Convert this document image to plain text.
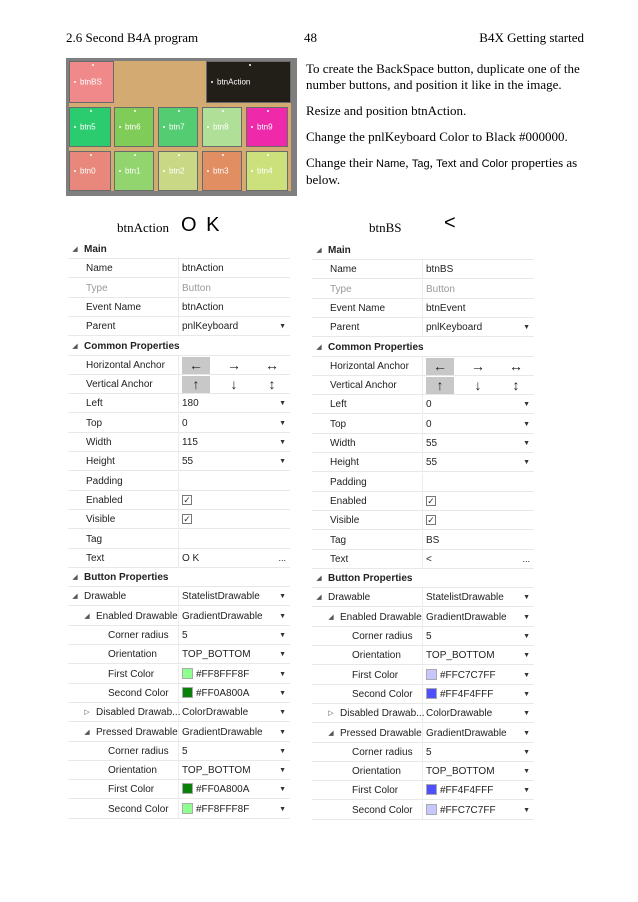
2.6 Second B4A program	48	B4X Getting started
btnBS	btnAction
btn5	btn6	btn7	btn8	btn9
btn0	btn1	btn2	btn3	btn4

To create the BackSpace button, duplicate one of the number buttons, and position it like in the image.

Resize and position btnAction.

Change the pnlKeyboard Color to Black #000000.

Change their Name, Tag, Text and Color properties as below.

btnAction O K	btnBS <
◢ Main
Name	btnAction
Type	Button
Event Name	btnAction
Parent	pnlKeyboard	▼
◢ Common Properties
Horizontal Anchor	←	→	↔
Vertical Anchor	↑	↓	↕
Left	180	▼
Top	0	▼
Width	115	▼
Height	55	▼
Padding
Enabled	✓
Visible	✓
Tag
Text	O K	...
◢ Button Properties
◢ Drawable	StatelistDrawable	▼
◢ Enabled Drawable GradientDrawable ▼
Corner radius 5	▼
Orientation	TOP_BOTTOM	▼
First Color	#FF8FFF8F	▼
Second Color	#FF0A800A	▼
▷ Disabled Drawab... ColorDrawable	▼
◢ Pressed Drawable GradientDrawable ▼
Corner radius 5	▼
Orientation	TOP_BOTTOM	▼
First Color	#FF0A800A	▼
Second Color	#FF8FFF8F	▼
◢ Main
Name	btnBS
Type	Button
Event Name	btnEvent
Parent	pnlKeyboard	▼
◢ Common Properties
Horizontal Anchor	←	→	↔
Vertical Anchor	↑	↓	↕
Left	0	▼
Top	0	▼
Width	55	▼
Height	55	▼
Padding
Enabled	✓
Visible	✓
Tag	BS
Text	<	...
◢ Button Properties
◢ Drawable	StatelistDrawable	▼
◢ Enabled Drawable GradientDrawable ▼
Corner radius 5	▼
Orientation	TOP_BOTTOM	▼
First Color	#FFC7C7FF	▼
Second Color	#FF4F4FFF	▼
▷ Disabled Drawab... ColorDrawable	▼
◢ Pressed Drawable GradientDrawable ▼
Corner radius 5	▼
Orientation	TOP_BOTTOM	▼
First Color	#FF4F4FFF	▼
Second Color	#FFC7C7FF	▼
